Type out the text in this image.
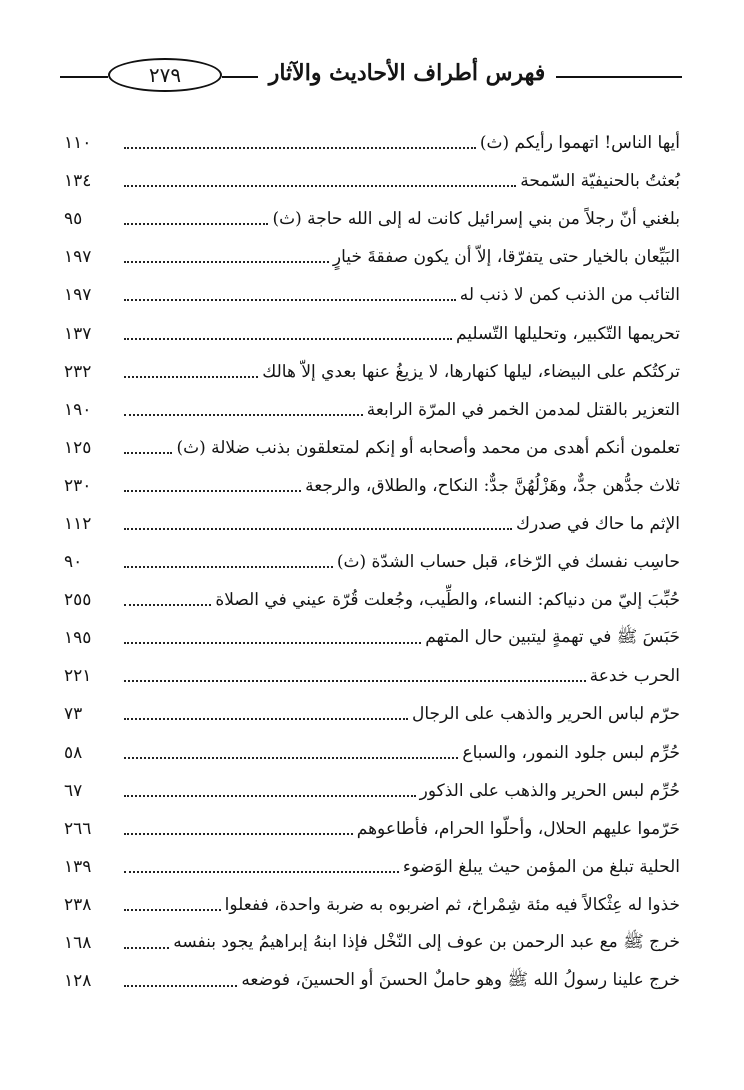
٢٧٩	فهرس أطراف الأحاديث والآثار
أيها الناس! اتهموا رأيكم (ث)
١١٠
بُعثتُ بالحنيفيّة السّمحة
١٣٤
بلغني أنّ رجلاً من بني إسرائيل كانت له إلى الله حاجة (ث)
٩٥
البَيِّعان بالخيار حتى يتفرّقا، إلاّ أن يكون صفقةَ خيارٍ
١٩٧
التائب من الذنب كمن لا ذنب له
١٩٧
تحريمها التّكبير، وتحليلها التّسليم
١٣٧
تركتُكم على البيضاء، ليلها كنهارها، لا يزيغُ عنها بعدي إلاّ هالك
٢٣٢
التعزير بالقتل لمدمن الخمر في المرّة الرابعة
١٩٠
تعلمون أنكم أهدى من محمد وأصحابه أو إنكم لمتعلقون بذنب ضلالة (ث)
١٢٥
ثلاث جدُّهن جدٌّ، وهَزْلُهُنَّ جدٌّ: النكاح، والطلاق، والرجعة
٢٣٠
الإثم ما حاك في صدرك
١١٢
حاسِب نفسك في الرّخاء، قبل حساب الشدّة (ث)
٩٠
حُبِّبَ إليّ من دنياكم: النساء، والطِّيب، وجُعلت قُرّة عيني في الصلاة
٢٥٥
حَبَسَ ﷺ في تهمةٍ ليتبين حال المتهم
١٩٥
الحرب خدعة
٢٢١
حرّم لباس الحرير والذهب على الرجال
٧٣
حُرِّم لبس جلود النمور، والسباع
٥٨
حُرِّم لبس الحرير والذهب على الذكور
٦٧
حَرّموا عليهم الحلال، وأحلّوا الحرام، فأطاعوهم
٢٦٦
الحلية تبلغ من المؤمن حيث يبلغ الوَضوء
١٣٩
خذوا له عِثْكالاً فيه مئة شِمْراخ، ثم اضربوه به ضربة واحدة، ففعلوا
٢٣٨
خرج ﷺ مع عبد الرحمن بن عوف إلى النّخْل فإذا ابنهُ إبراهيمُ يجود بنفسه
١٦٨
خرج علينا رسولُ الله ﷺ وهو حاملٌ الحسنَ أو الحسينَ، فوضعه
١٢٨
